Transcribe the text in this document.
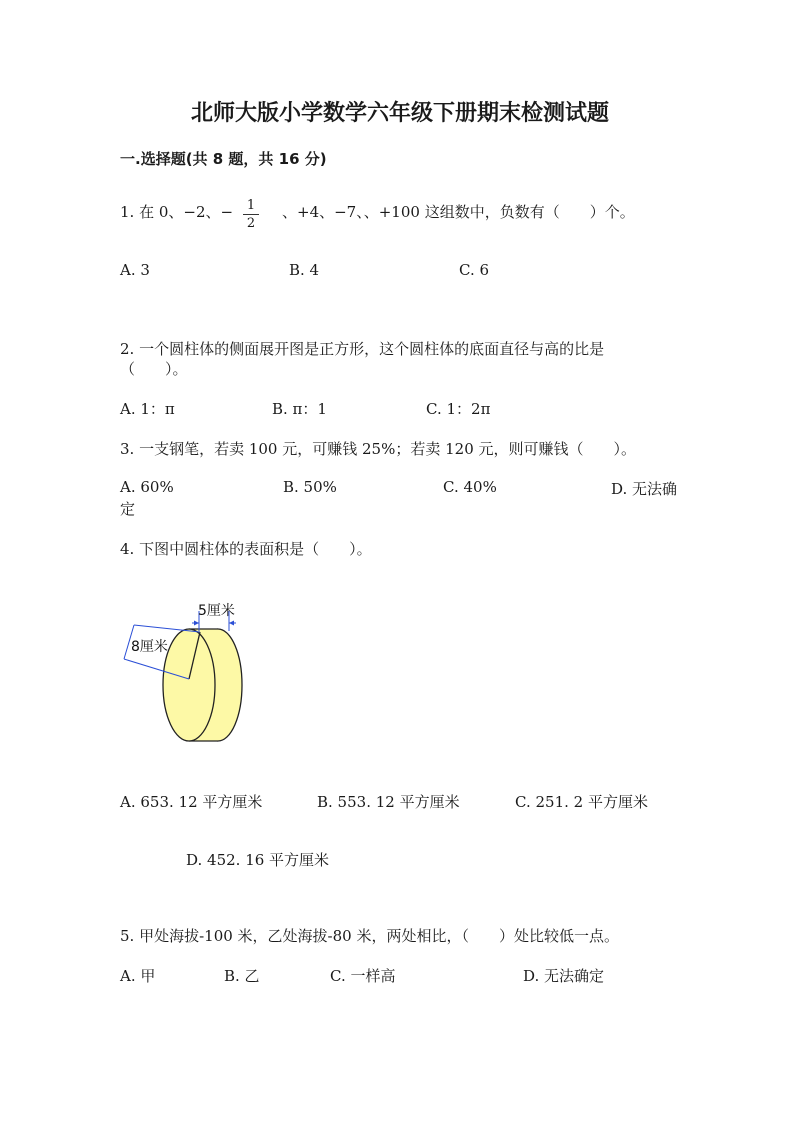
北师大版小学数学六年级下册期末检测试题
一.选择题(共 8 题，共 16 分)
1. 在 0、−2、− 1
2
、+4、−7、、+100 这组数中，负数有（　　）个。
A. 3	B. 4	C. 6
2. 一个圆柱体的侧面展开图是正方形，这个圆柱体的底面直径与高的比是
（　　）。
A. 1：π	B. π：1	C. 1：2π
3. 一支钢笔，若卖 100 元，可赚钱 25%；若卖 120 元，则可赚钱（　　）。
A. 60%	B. 50%	C. 40%	D. 无法确
定
4. 下图中圆柱体的表面积是（　　）。
5厘米
8厘米
A. 653. 12 平方厘米	B. 553. 12 平方厘米	C. 251. 2 平方厘米
D. 452. 16 平方厘米
5. 甲处海拔-100 米，乙处海拔-80 米，两处相比，（　　）处比较低一点。
A. 甲	B. 乙	C. 一样高	D. 无法确定
